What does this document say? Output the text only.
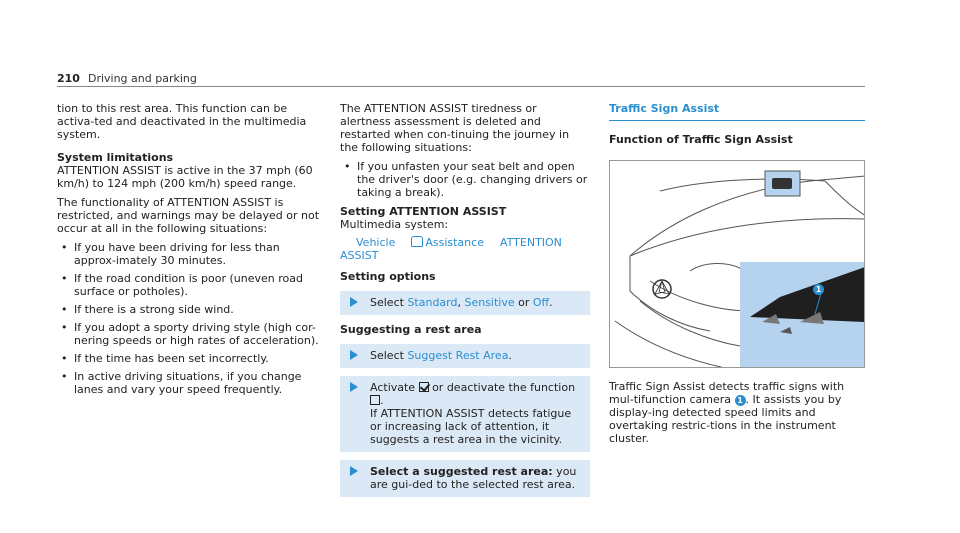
210 Driving and parking

tion to this rest area. This function can be activa-ted and deactivated in the multimedia system.

System limitations

ATTENTION ASSIST is active in the 37 mph (60 km/h) to 124 mph (200 km/h) speed range.

The functionality of ATTENTION ASSIST is restricted, and warnings may be delayed or not occur at all in the following situations:

• If you have been driving for less than approx-imately 30 minutes.
• If the road condition is poor (uneven road surface or potholes).
• If there is a strong side wind.
• If you adopt a sporty driving style (high cor-nering speeds or high rates of acceleration).
• If the time has been set incorrectly.
• In active driving situations, if you change lanes and vary your speed frequently.

The ATTENTION ASSIST tiredness or alertness assessment is deleted and restarted when con-tinuing the journey in the following situations:

• If you unfasten your seat belt and open the driver's door (e.g. changing drivers or taking a break).

Setting ATTENTION ASSIST

Multimedia system:

Vehicle	Assistance ATTENTION
ASSIST

Setting options

Select Standard, Sensitive or Off.

Suggesting a rest area

Select Suggest Rest Area.
Activate  or deactivate the function .
If ATTENTION ASSIST detects fatigue or increasing lack of attention, it suggests a rest area in the vicinity.
Select a suggested rest area: you are gui-ded to the selected rest area.
Traffic Sign Assist
Function of Traffic Sign Assist
1

Traffic Sign Assist detects traffic signs with mul-tifunction camera 1 . It assists you by display-ing detected speed limits and overtaking restric-tions in the instrument cluster.
